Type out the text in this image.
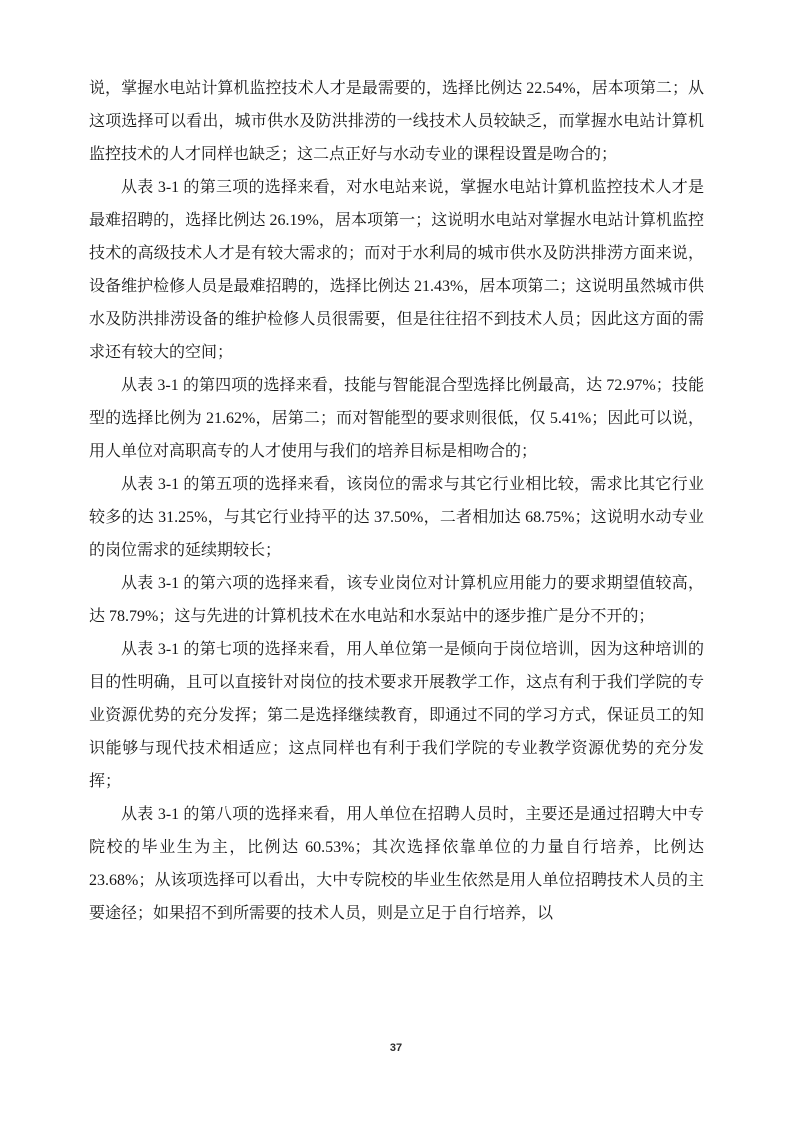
说，掌握水电站计算机监控技术人才是最需要的，选择比例达 22.54%，居本项第二；从这项选择可以看出，城市供水及防洪排涝的一线技术人员较缺乏，而掌握水电站计算机监控技术的人才同样也缺乏；这二点正好与水动专业的课程设置是吻合的；

从表 3-1 的第三项的选择来看，对水电站来说，掌握水电站计算机监控技术人才是最难招聘的，选择比例达 26.19%，居本项第一；这说明水电站对掌握水电站计算机监控技术的高级技术人才是有较大需求的；而对于水利局的城市供水及防洪排涝方面来说，设备维护检修人员是最难招聘的，选择比例达 21.43%，居本项第二；这说明虽然城市供水及防洪排涝设备的维护检修人员很需要，但是往往招不到技术人员；因此这方面的需求还有较大的空间；

从表 3-1 的第四项的选择来看，技能与智能混合型选择比例最高，达 72.97%；技能型的选择比例为 21.62%，居第二；而对智能型的要求则很低，仅 5.41%；因此可以说，用人单位对高职高专的人才使用与我们的培养目标是相吻合的；

从表 3-1 的第五项的选择来看，该岗位的需求与其它行业相比较，需求比其它行业较多的达 31.25%，与其它行业持平的达 37.50%，二者相加达 68.75%；这说明水动专业的岗位需求的延续期较长；

从表 3-1 的第六项的选择来看，该专业岗位对计算机应用能力的要求期望值较高，达 78.79%；这与先进的计算机技术在水电站和水泵站中的逐步推广是分不开的；

从表 3-1 的第七项的选择来看，用人单位第一是倾向于岗位培训，因为这种培训的目的性明确，且可以直接针对岗位的技术要求开展教学工作，这点有利于我们学院的专业资源优势的充分发挥；第二是选择继续教育，即通过不同的学习方式，保证员工的知识能够与现代技术相适应；这点同样也有利于我们学院的专业教学资源优势的充分发挥；

从表 3-1 的第八项的选择来看，用人单位在招聘人员时，主要还是通过招聘大中专院校的毕业生为主，比例达 60.53%；其次选择依靠单位的力量自行培养，比例达 23.68%；从该项选择可以看出，大中专院校的毕业生依然是用人单位招聘技术人员的主要途径；如果招不到所需要的技术人员，则是立足于自行培养，以

37
